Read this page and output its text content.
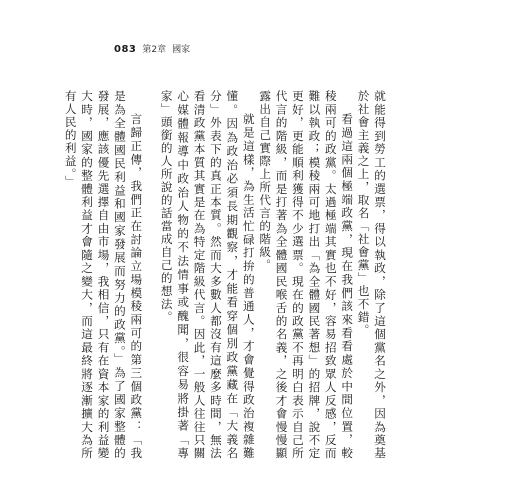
083 第2章 國家

就能得到勞工的選票，得以執政，除了這個黨名之外，因為奠基於社會主義之上，取名「社會黨」也不錯。

看過這兩個極端政黨，現在我們該來看看處於中間位置，較稜兩可的政黨。太過極端其實也不好，容易招致眾人反感，反而難以執政；模稜兩可地打出「為全體國民著想」的招牌，說不定更好，更能順利獲得不少選票。現在的政黨不再明白表示自己所代言的階級，而是打著為全體國民喉舌的名義，之後才會慢慢顯露出自己實際上所代言的階級。

就是這樣，為生活忙碌打拚的普通人，才會覺得政治複雜難懂。因為政治必須長期觀察，才能看穿個別政黨藏在「大義名分」外表下的真正本質。然而大多數人都沒有這麼多時間，無法看清政黨本質其實是在為特定階級代言。因此，一般人往往只關心媒體報導中政治人物的不法情事或醜聞，很容易將掛著「專家」頭銜的人所說的話當成自己的想法。

言歸正傳，我們正在討論立場模稜兩可的第三個政黨：「我是為全體國民利益和國家發展而努力的政黨。」為了國家整體的發展，應該優先選擇自由市場，我相信，只有在資本家的利益變大時，國家的整體利益才會隨之變大，而這最終將逐漸擴大為所有人民的利益。」
